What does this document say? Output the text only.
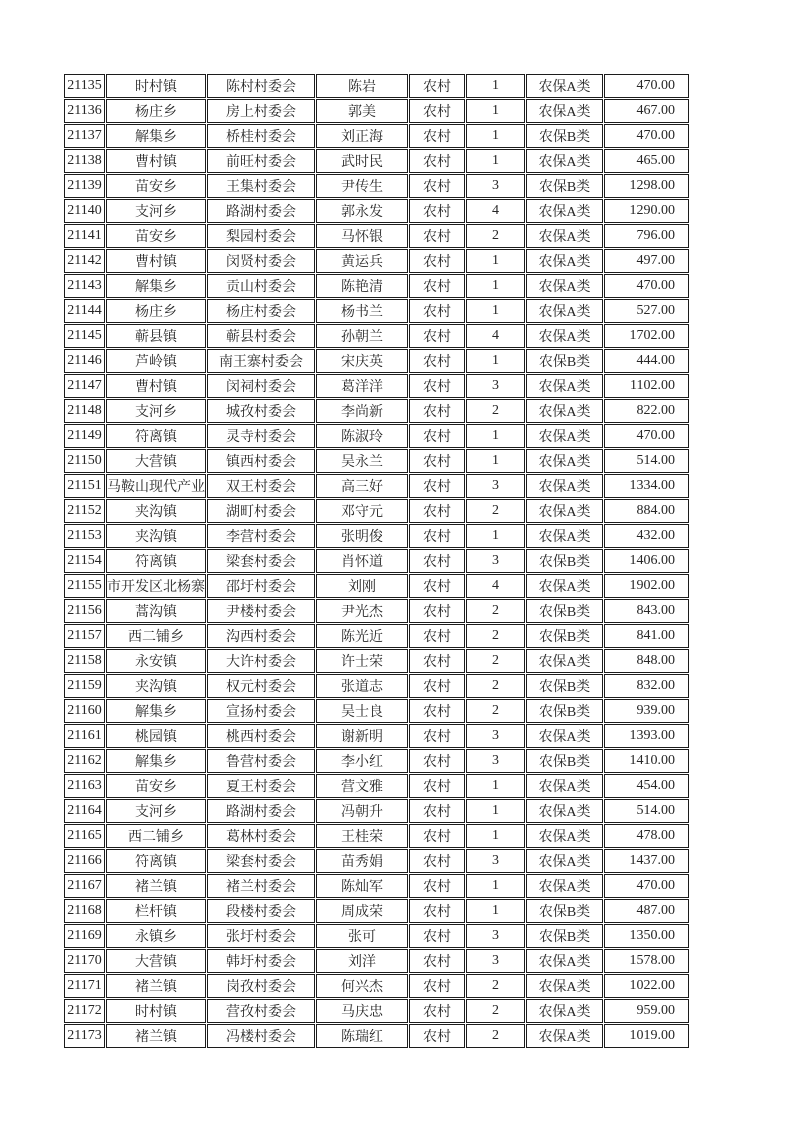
21135	时村镇	陈村村委会	陈岩	农村	1	农保A类	470.00
21136	杨庄乡	房上村委会	郭美	农村	1	农保A类	467.00
21137	解集乡	桥桂村委会	刘正海	农村	1	农保B类	470.00
21138	曹村镇	前旺村委会	武时民	农村	1	农保A类	465.00
21139	苗安乡	王集村委会	尹传生	农村	3	农保B类	1298.00
21140	支河乡	路湖村委会	郭永发	农村	4	农保A类	1290.00
21141	苗安乡	梨园村委会	马怀银	农村	2	农保A类	796.00
21142	曹村镇	闵贤村委会	黄运兵	农村	1	农保A类	497.00
21143	解集乡	贡山村委会	陈艳清	农村	1	农保A类	470.00
21144	杨庄乡	杨庄村委会	杨书兰	农村	1	农保A类	527.00
21145	蕲县镇	蕲县村委会	孙朝兰	农村	4	农保A类	1702.00
21146	芦岭镇	南王寨村委会	宋庆英	农村	1	农保B类	444.00
21147	曹村镇	闵祠村委会	葛洋洋	农村	3	农保A类	1102.00
21148	支河乡	城孜村委会	李尚新	农村	2	农保A类	822.00
21149	符离镇	灵寺村委会	陈淑玲	农村	1	农保A类	470.00
21150	大营镇	镇西村委会	吴永兰	农村	1	农保A类	514.00
21151	马鞍山现代产业	双王村委会	高三好	农村	3	农保A类	1334.00
21152	夹沟镇	湖町村委会	邓守元	农村	2	农保A类	884.00
21153	夹沟镇	李营村委会	张明俊	农村	1	农保A类	432.00
21154	符离镇	梁套村委会	肖怀道	农村	3	农保B类	1406.00
21155	市开发区北杨寨	邵圩村委会	刘刚	农村	4	农保A类	1902.00
21156	蒿沟镇	尹楼村委会	尹光杰	农村	2	农保B类	843.00
21157	西二铺乡	沟西村委会	陈光近	农村	2	农保B类	841.00
21158	永安镇	大许村委会	许士荣	农村	2	农保A类	848.00
21159	夹沟镇	权元村委会	张道志	农村	2	农保B类	832.00
21160	解集乡	宣扬村委会	吴士良	农村	2	农保B类	939.00
21161	桃园镇	桃西村委会	谢新明	农村	3	农保A类	1393.00
21162	解集乡	鲁营村委会	李小红	农村	3	农保B类	1410.00
21163	苗安乡	夏王村委会	营文雅	农村	1	农保A类	454.00
21164	支河乡	路湖村委会	冯朝升	农村	1	农保A类	514.00
21165	西二铺乡	葛林村委会	王桂荣	农村	1	农保A类	478.00
21166	符离镇	梁套村委会	苗秀娟	农村	3	农保A类	1437.00
21167	褚兰镇	褚兰村委会	陈灿军	农村	1	农保A类	470.00
21168	栏杆镇	段楼村委会	周成荣	农村	1	农保B类	487.00
21169	永镇乡	张圩村委会	张可	农村	3	农保B类	1350.00
21170	大营镇	韩圩村委会	刘洋	农村	3	农保A类	1578.00
21171	褚兰镇	岗孜村委会	何兴杰	农村	2	农保A类	1022.00
21172	时村镇	营孜村委会	马庆忠	农村	2	农保A类	959.00
21173	褚兰镇	冯楼村委会	陈瑞红	农村	2	农保A类	1019.00
